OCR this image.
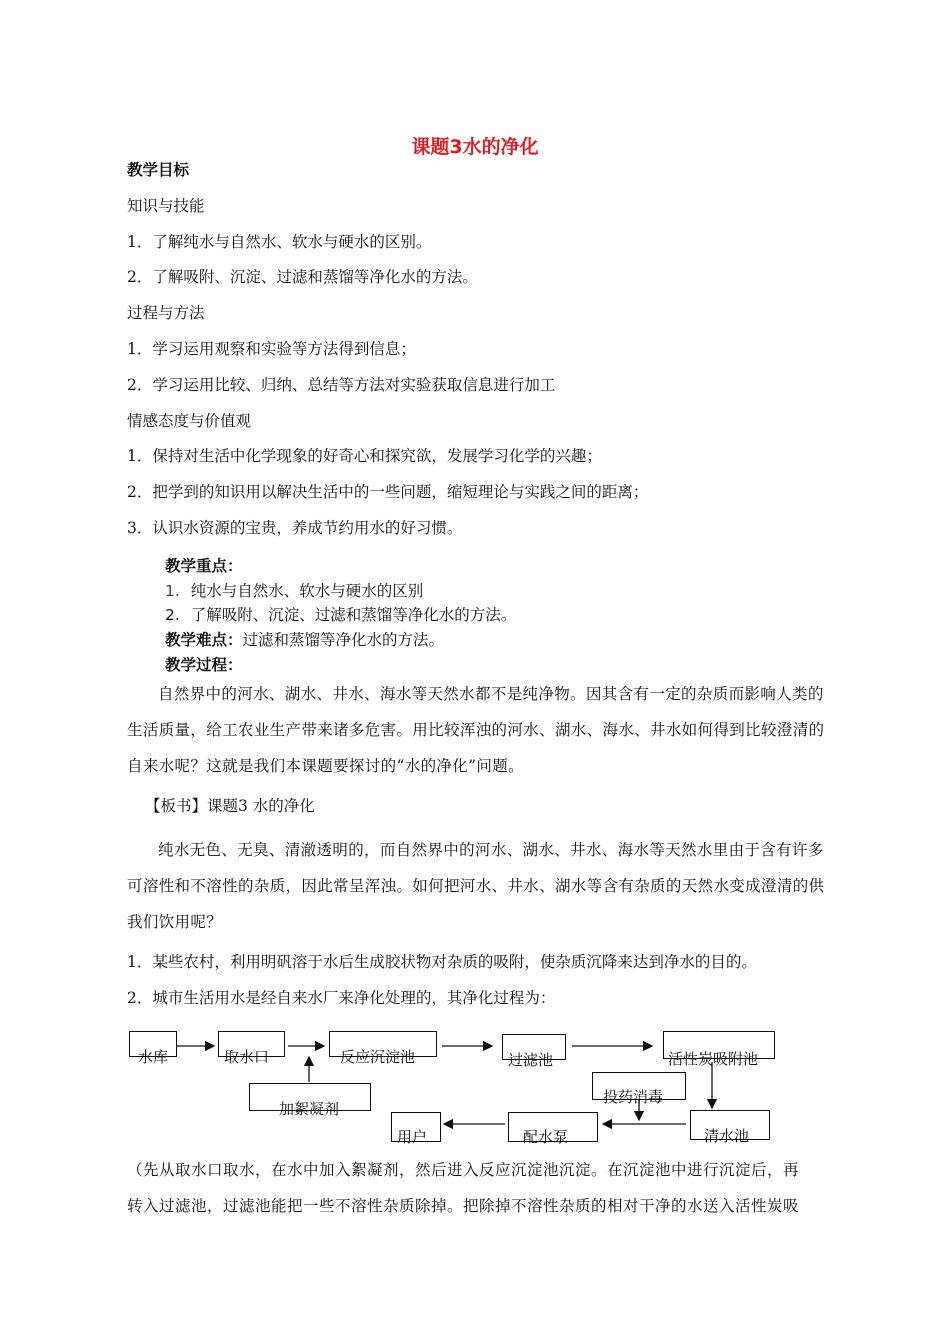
课题3水的净化
教学目标
知识与技能
1．了解纯水与自然水、软水与硬水的区别。
2．了解吸附、沉淀、过滤和蒸馏等净化水的方法。
过程与方法
1．学习运用观察和实验等方法得到信息；
2．学习运用比较、归纳、总结等方法对实验获取信息进行加工
情感态度与价值观
1．保持对生活中化学现象的好奇心和探究欲，发展学习化学的兴趣；
2．把学到的知识用以解决生活中的一些问题，缩短理论与实践之间的距离；
3．认识水资源的宝贵，养成节约用水的好习惯。
教学重点：
1. 纯水与自然水、软水与硬水的区别
2. 了解吸附、沉淀、过滤和蒸馏等净化水的方法。
教学难点：过滤和蒸馏等净化水的方法。
教学过程：
自然界中的河水、湖水、井水、海水等天然水都不是纯净物。因其含有一定的杂质而影响人类的生活质量，给工农业生产带来诸多危害。用比较浑浊的河水、湖水、海水、井水如何得到比较澄清的自来水呢？这就是我们本课题要探讨的“水的净化”问题。
【板书】课题3 水的净化
纯水无色、无臭、清澈透明的，而自然界中的河水、湖水、井水、海水等天然水里由于含有许多可溶性和不溶性的杂质，因此常呈浑浊。如何把河水、井水、湖水等含有杂质的天然水变成澄清的供我们饮用呢？
1．某些农村，利用明矾溶于水后生成胶状物对杂质的吸附，使杂质沉降来达到净水的目的。
2．城市生活用水是经自来水厂来净化处理的，其净化过程为：
水库	取水口	反应沉淀池	过滤池	活性炭吸附池
加絮凝剂
投药消毒
清水池
配水泵
用户
（先从取水口取水，在水中加入絮凝剂，然后进入反应沉淀池沉淀。在沉淀池中进行沉淀后，再
转入过滤池，过滤池能把一些不溶性杂质除掉。把除掉不溶性杂质的相对干净的水送入活性炭吸
